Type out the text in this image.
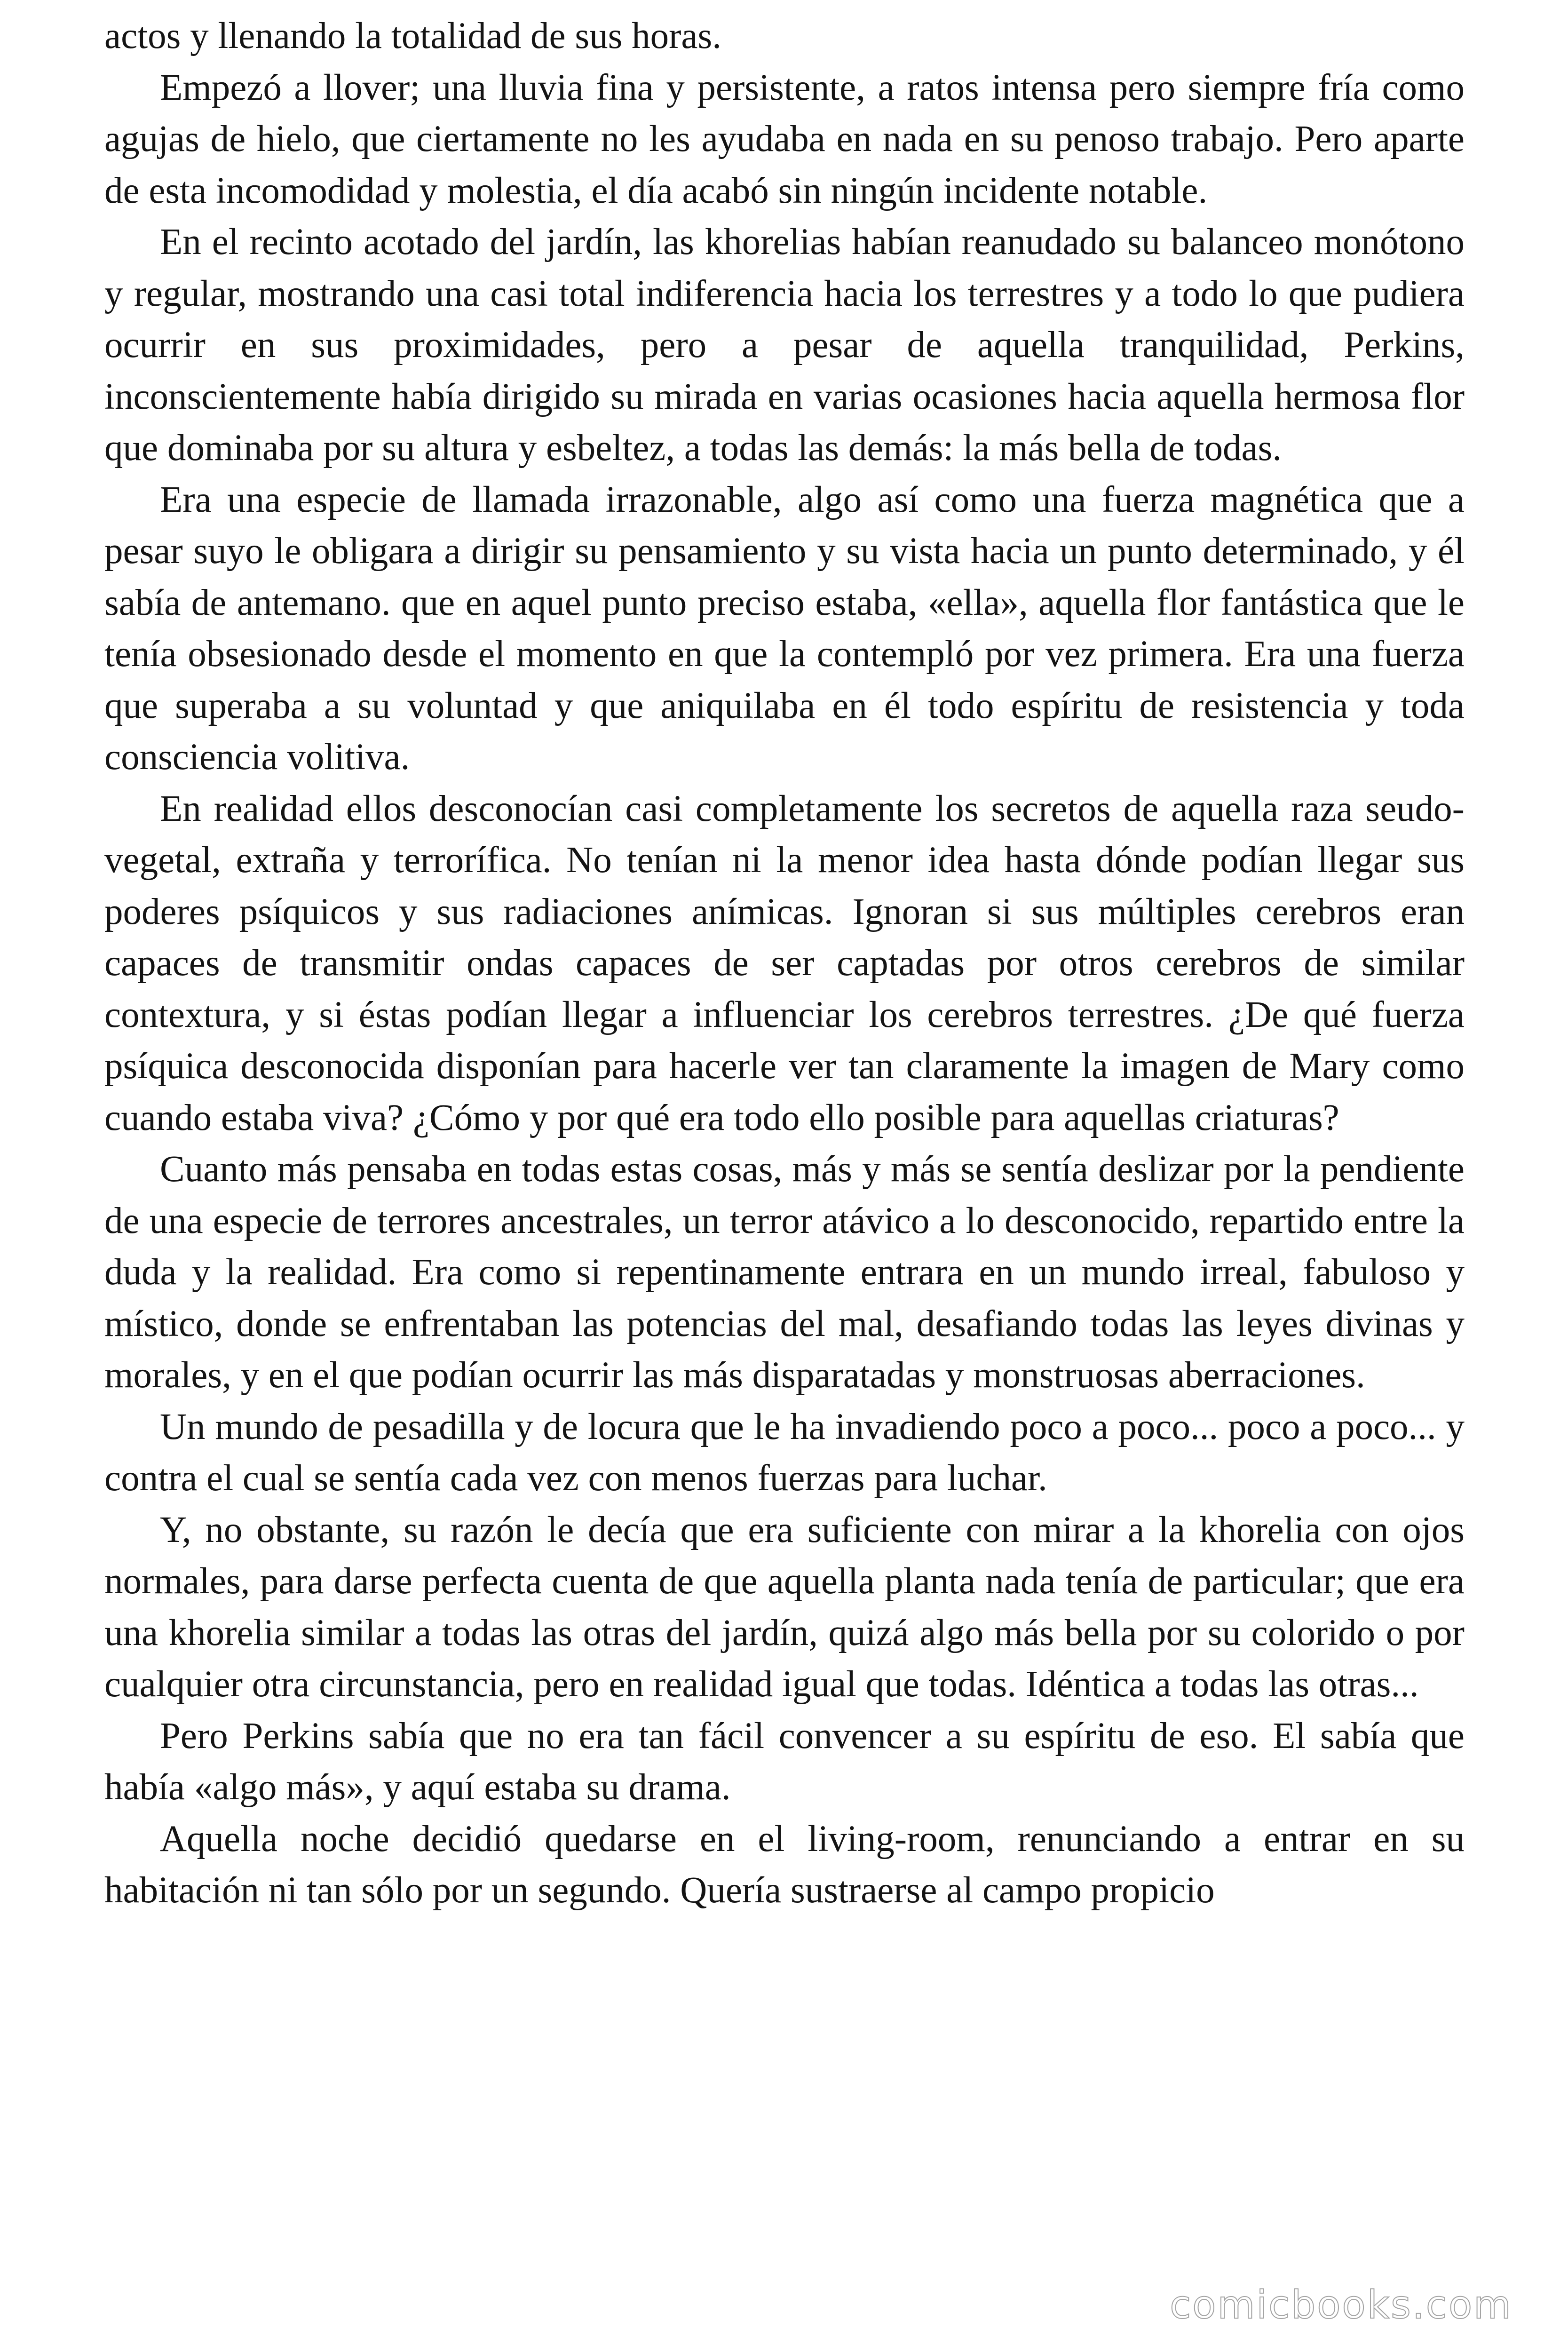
actos y llenando la totalidad de sus horas.

Empezó a llover; una lluvia fina y persistente, a ratos intensa pero siempre fría como agujas de hielo, que ciertamente no les ayudaba en nada en su penoso trabajo. Pero aparte de esta incomodidad y molestia, el día acabó sin ningún incidente notable.

En el recinto acotado del jardín, las khorelias habían reanudado su balanceo monótono y regular, mostrando una casi total indiferencia hacia los terrestres y a todo lo que pudiera ocurrir en sus proximidades, pero a pesar de aquella tranquilidad, Perkins, inconscientemente había dirigido su mirada en varias ocasiones hacia aquella hermosa flor que dominaba por su altura y esbeltez, a todas las demás: la más bella de todas.

Era una especie de llamada irrazonable, algo así como una fuerza magnética que a pesar suyo le obligara a dirigir su pensamiento y su vista hacia un punto determinado, y él sabía de antemano. que en aquel punto preciso estaba, «ella», aquella flor fantástica que le tenía obsesionado desde el momento en que la contempló por vez primera. Era una fuerza que superaba a su voluntad y que aniquilaba en él todo espíritu de resistencia y toda consciencia volitiva.

En realidad ellos desconocían casi completamente los secretos de aquella raza seudo-vegetal, extraña y terrorífica. No tenían ni la menor idea hasta dónde podían llegar sus poderes psíquicos y sus radiaciones anímicas. Ignoran si sus múltiples cerebros eran capaces de transmitir ondas capaces de ser captadas por otros cerebros de similar contextura, y si éstas podían llegar a influenciar los cerebros terrestres. ¿De qué fuerza psíquica desconocida disponían para hacerle ver tan claramente la imagen de Mary como cuando estaba viva? ¿Cómo y por qué era todo ello posible para aquellas criaturas?

Cuanto más pensaba en todas estas cosas, más y más se sentía deslizar por la pendiente de una especie de terrores ancestrales, un terror atávico a lo desconocido, repartido entre la duda y la realidad. Era como si repentinamente entrara en un mundo irreal, fabuloso y místico, donde se enfrentaban las potencias del mal, desafiando todas las leyes divinas y morales, y en el que podían ocurrir las más disparatadas y monstruosas aberraciones.

Un mundo de pesadilla y de locura que le ha invadiendo poco a poco... poco a poco... y contra el cual se sentía cada vez con menos fuerzas para luchar.

Y, no obstante, su razón le decía que era suficiente con mirar a la khorelia con ojos normales, para darse perfecta cuenta de que aquella planta nada tenía de particular; que era una khorelia similar a todas las otras del jardín, quizá algo más bella por su colorido o por cualquier otra circunstancia, pero en realidad igual que todas. Idéntica a todas las otras...

Pero Perkins sabía que no era tan fácil convencer a su espíritu de eso. El sabía que había «algo más», y aquí estaba su drama.

Aquella noche decidió quedarse en el living-room, renunciando a entrar en su habitación ni tan sólo por un segundo. Quería sustraerse al campo propicio

comicbooks.com
